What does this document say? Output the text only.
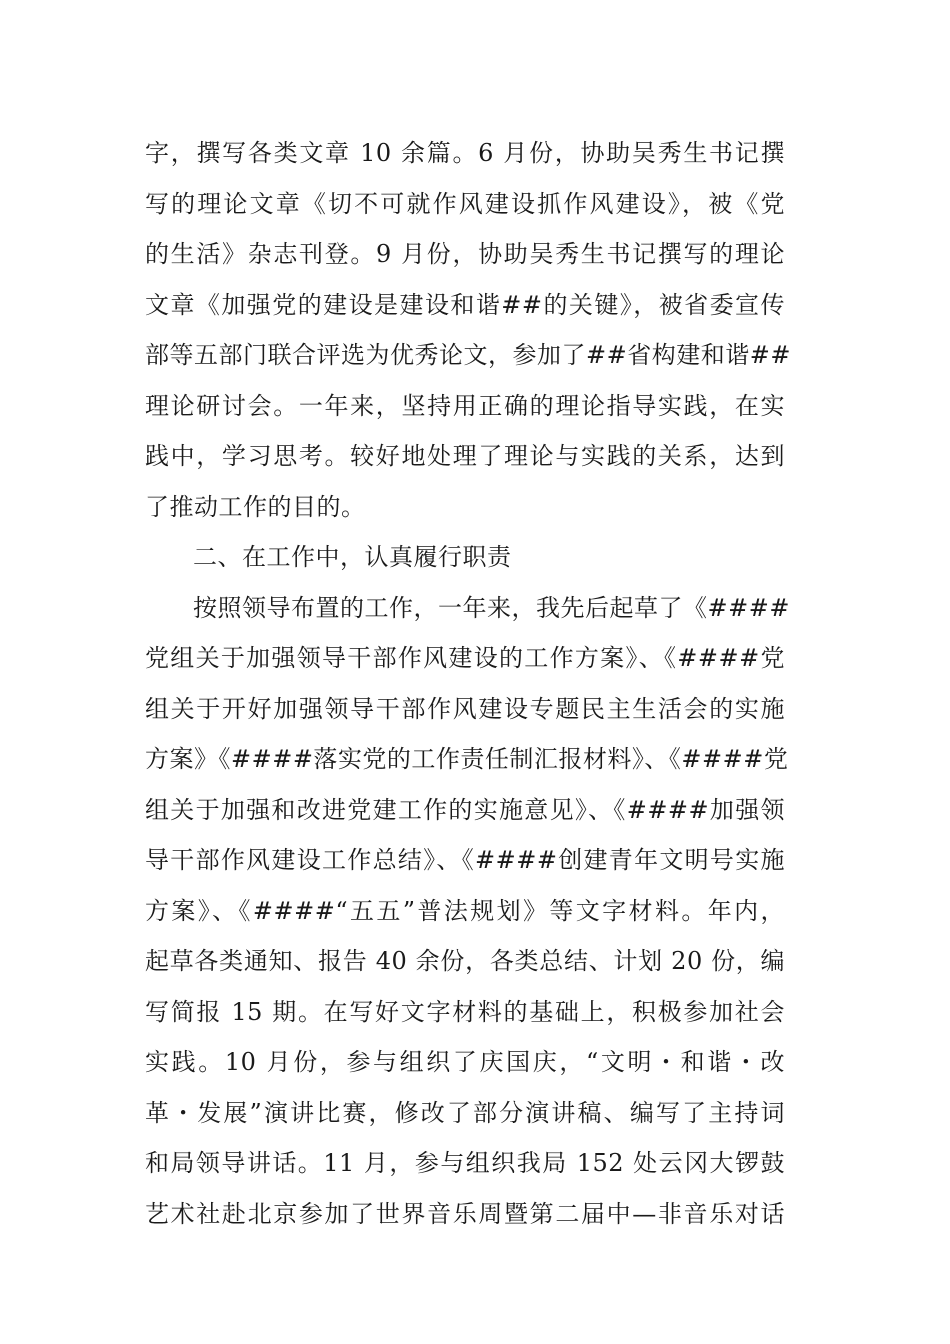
字，撰写各类文章 10 余篇。6 月份，协助吴秀生书记撰
写的理论文章《切不可就作风建设抓作风建设》，被《党
的生活》杂志刊登。9 月份，协助吴秀生书记撰写的理论
文章《加强党的建设是建设和谐##的关键》，被省委宣传
部等五部门联合评选为优秀论文，参加了##省构建和谐##
理论研讨会。一年来，坚持用正确的理论指导实践，在实
践中，学习思考。较好地处理了理论与实践的关系，达到
了推动工作的目的。
二、在工作中，认真履行职责
按照领导布置的工作，一年来，我先后起草了《####
党组关于加强领导干部作风建设的工作方案》、《####党
组关于开好加强领导干部作风建设专题民主生活会的实施
方案》《####落实党的工作责任制汇报材料》、《####党
组关于加强和改进党建工作的实施意见》、《####加强领
导干部作风建设工作总结》、《####创建青年文明号实施
方案》、《####“五五”普法规划》等文字材料。年内，
起草各类通知、报告 40 余份，各类总结、计划 20 份，编
写简报 15 期。在写好文字材料的基础上，积极参加社会
实践。10 月份，参与组织了庆国庆，“文明・和谐・改
革・发展”演讲比赛，修改了部分演讲稿、编写了主持词
和局领导讲话。11 月，参与组织我局 152 处云冈大锣鼓
艺术社赴北京参加了世界音乐周暨第二届中—非音乐对话
